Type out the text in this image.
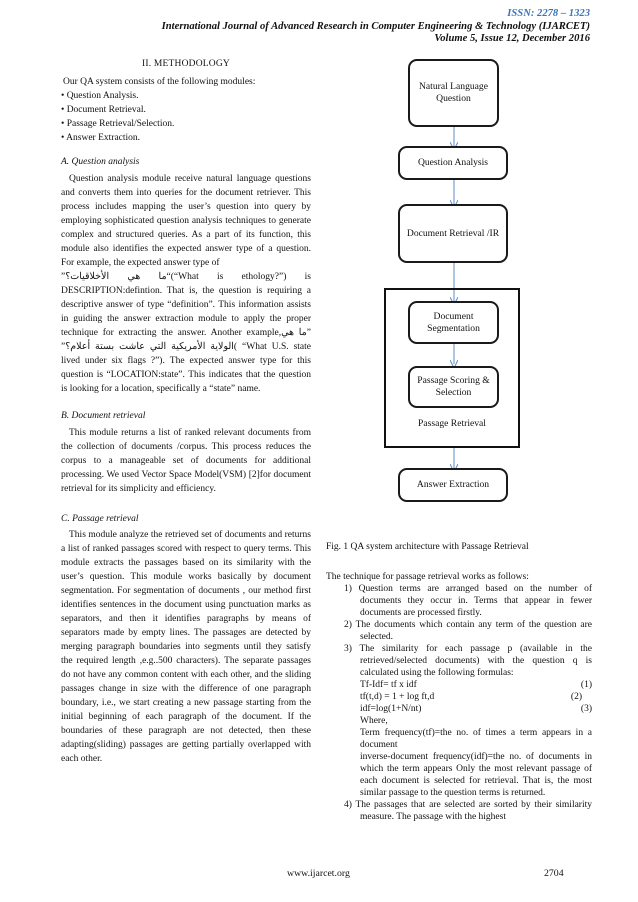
ISSN: 2278 – 1323
International Journal of Advanced Research in Computer Engineering & Technology (IJARCET)
Volume 5, Issue 12, December 2016
II. METHODOLOGY
Our QA system consists of the following modules:
• Question Analysis.
• Document Retrieval.
• Passage Retrieval/Selection.
• Answer Extraction.
A. Question analysis

Question analysis module receive natural language questions and converts them into queries for the document retriever. This process includes mapping the user’s question into query by employing sophisticated question analysis techniques to generate complex and structured queries. As a part of its function, this module also identifies the expected answer type of a question. For example, the expected answer type of

“ما هي الأخلاقيات؟”(“What is ethology?”) is DESCRIPTION:defintion. That is, the question is requiring a descriptive answer of type “definition”. This information assists in guiding the answer extraction module to apply the proper technique for extracting the answer. Another example,”ما هي الولاية الأمريكية التي عاشت بستة أعلام؟”( “What U.S. state lived under six flags ?”). The expected answer type for this question is “LOCATION:state”. This indicates that the question is looking for a location, specifically a “state” name.

B. Document retrieval

This module returns a list of ranked relevant documents from the collection of documents /corpus. This process reduces the corpus to a manageable set of documents for additional processing. We used Vector Space Model(VSM) [2]for document retrieval for its simplicity and efficiency.

C. Passage retrieval

This module analyze the retrieved set of documents and returns a list of ranked passages scored with respect to query terms. This module extracts the passages based on its similarity with the user’s question. This module works basically by document segmentation. For segmentation of documents , our method first identifies sentences in the document using punctuation marks as separators, and then it identifies paragraphs by means of separators made by empty lines. The passages are detected by merging paragraph boundaries into segments until they satisfy the required length ,e.g..500 characters). The separate passages do not have any common content with each other, and the sliding passages change in size with the difference of one paragraph boundary, i.e., we start creating a new passage starting from the initial beginning of each paragraph of the document. If the boundaries of these paragraph are not detected, then these adapting(sliding) passages are getting partially overlapped with each other.

Natural Language Question
Question Analysis
Document Retrieval /IR
Document Segmentation
Passage Scoring & Selection
Passage Retrieval
Answer Extraction
Fig. 1 QA system architecture with Passage Retrieval
The technique for passage retrieval works as follows:
1) Question terms are arranged based on the number of documents they occur in. Terms that appear in fewer documents are processed firstly.
2) The documents which contain any term of the question are selected.
3) The similarity for each passage p (available in the retrieved/selected documents) with the question q is calculated using the following formulas:
Tf-Idf= tf x idf	(1)
tf(t,d) = 1 + log ft,d	(2)
idf=log(1+N/nt)	(3)
Where,
Term frequency(tf)=the no. of times a term appears in a document
inverse-document frequency(idf)=the no. of documents in which the term appears Only the most relevant passage of each document is selected for retrieval. That is, the most similar passage to the question terms is returned.
4) The passages that are selected are sorted by their similarity measure. The passage with the highest
www.ijarcet.org	2704
